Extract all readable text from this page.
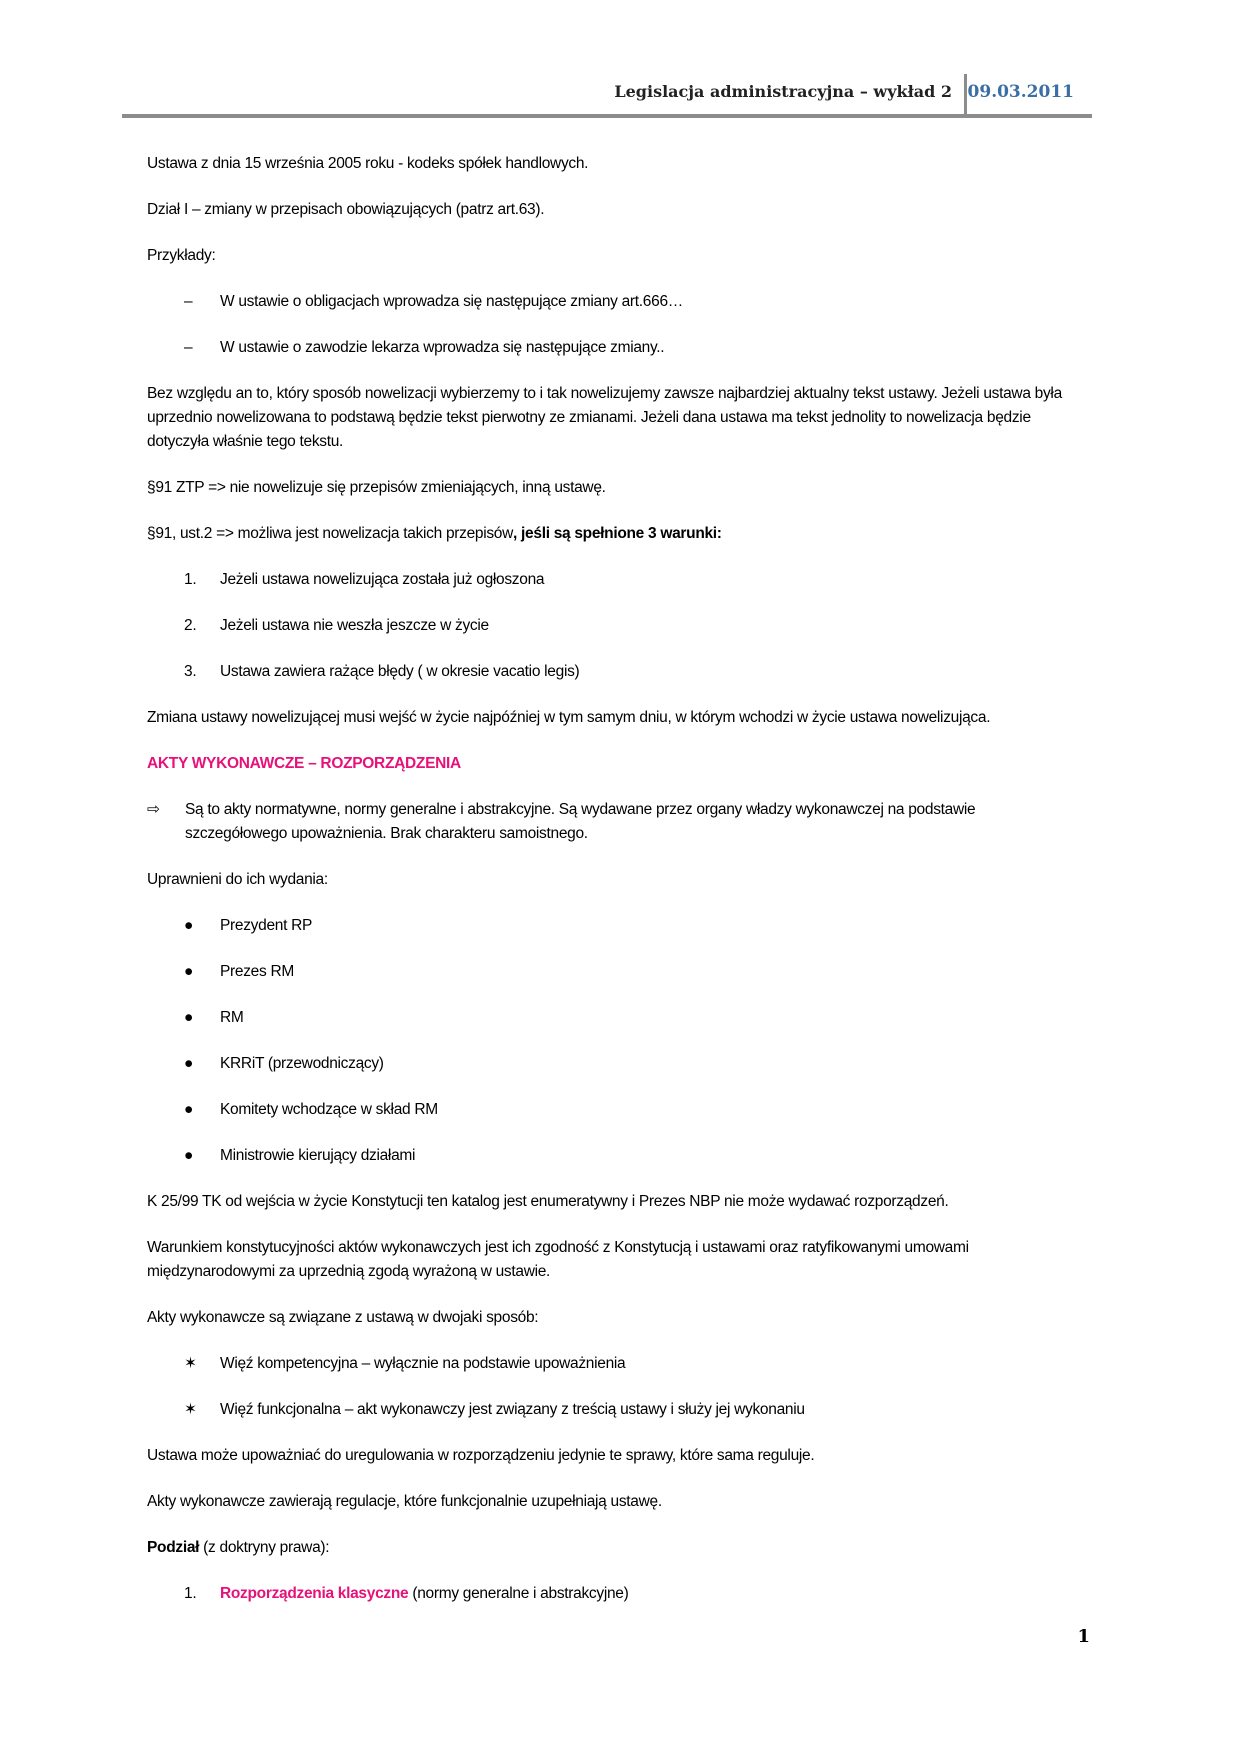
Legislacja administracyjna – wykład 2 09.03.2011

Ustawa z dnia 15 września 2005 roku - kodeks spółek handlowych.

Dział I – zmiany w przepisach obowiązujących (patrz art.63).

Przykłady:

–	W ustawie o obligacjach wprowadza się następujące zmiany art.666…
–	W ustawie o zawodzie lekarza wprowadza się następujące zmiany..

Bez względu an to, który sposób nowelizacji wybierzemy to i tak nowelizujemy zawsze najbardziej aktualny tekst ustawy. Jeżeli ustawa była uprzednio nowelizowana to podstawą będzie tekst pierwotny ze zmianami. Jeżeli dana ustawa ma tekst jednolity to nowelizacja będzie dotyczyła właśnie tego tekstu.

§91 ZTP => nie nowelizuje się przepisów zmieniających, inną ustawę.

§91, ust.2 => możliwa jest nowelizacja takich przepisów, jeśli są spełnione 3 warunki:

1.	Jeżeli ustawa nowelizująca została już ogłoszona
2.	Jeżeli ustawa nie weszła jeszcze w życie
3.	Ustawa zawiera rażące błędy ( w okresie vacatio legis)

Zmiana ustawy nowelizującej musi wejść w życie najpóźniej w tym samym dniu, w którym wchodzi w życie ustawa nowelizująca.

AKTY WYKONAWCZE – ROZPORZĄDZENIA

⇨ Są to akty normatywne, normy generalne i abstrakcyjne. Są wydawane przez organy władzy wykonawczej na podstawie szczegółowego upoważnienia. Brak charakteru samoistnego.

Uprawnieni do ich wydania:

●	Prezydent RP
●	Prezes RM
●	RM
●	KRRiT (przewodniczący)
●	Komitety wchodzące w skład RM
●	Ministrowie kierujący działami

K 25/99 TK od wejścia w życie Konstytucji ten katalog jest enumeratywny i Prezes NBP nie może wydawać rozporządzeń.

Warunkiem konstytucyjności aktów wykonawczych jest ich zgodność z Konstytucją i ustawami oraz ratyfikowanymi umowami międzynarodowymi za uprzednią zgodą wyrażoną w ustawie.

Akty wykonawcze są związane z ustawą w dwojaki sposób:

✶	Więź kompetencyjna – wyłącznie na podstawie upoważnienia
✶	Więź funkcjonalna – akt wykonawczy jest związany z treścią ustawy i służy jej wykonaniu

Ustawa może upoważniać do uregulowania w rozporządzeniu jedynie te sprawy, które sama reguluje.

Akty wykonawcze zawierają regulacje, które funkcjonalnie uzupełniają ustawę.

Podział (z doktryny prawa):

1.	Rozporządzenia klasyczne (normy generalne i abstrakcyjne)
1
